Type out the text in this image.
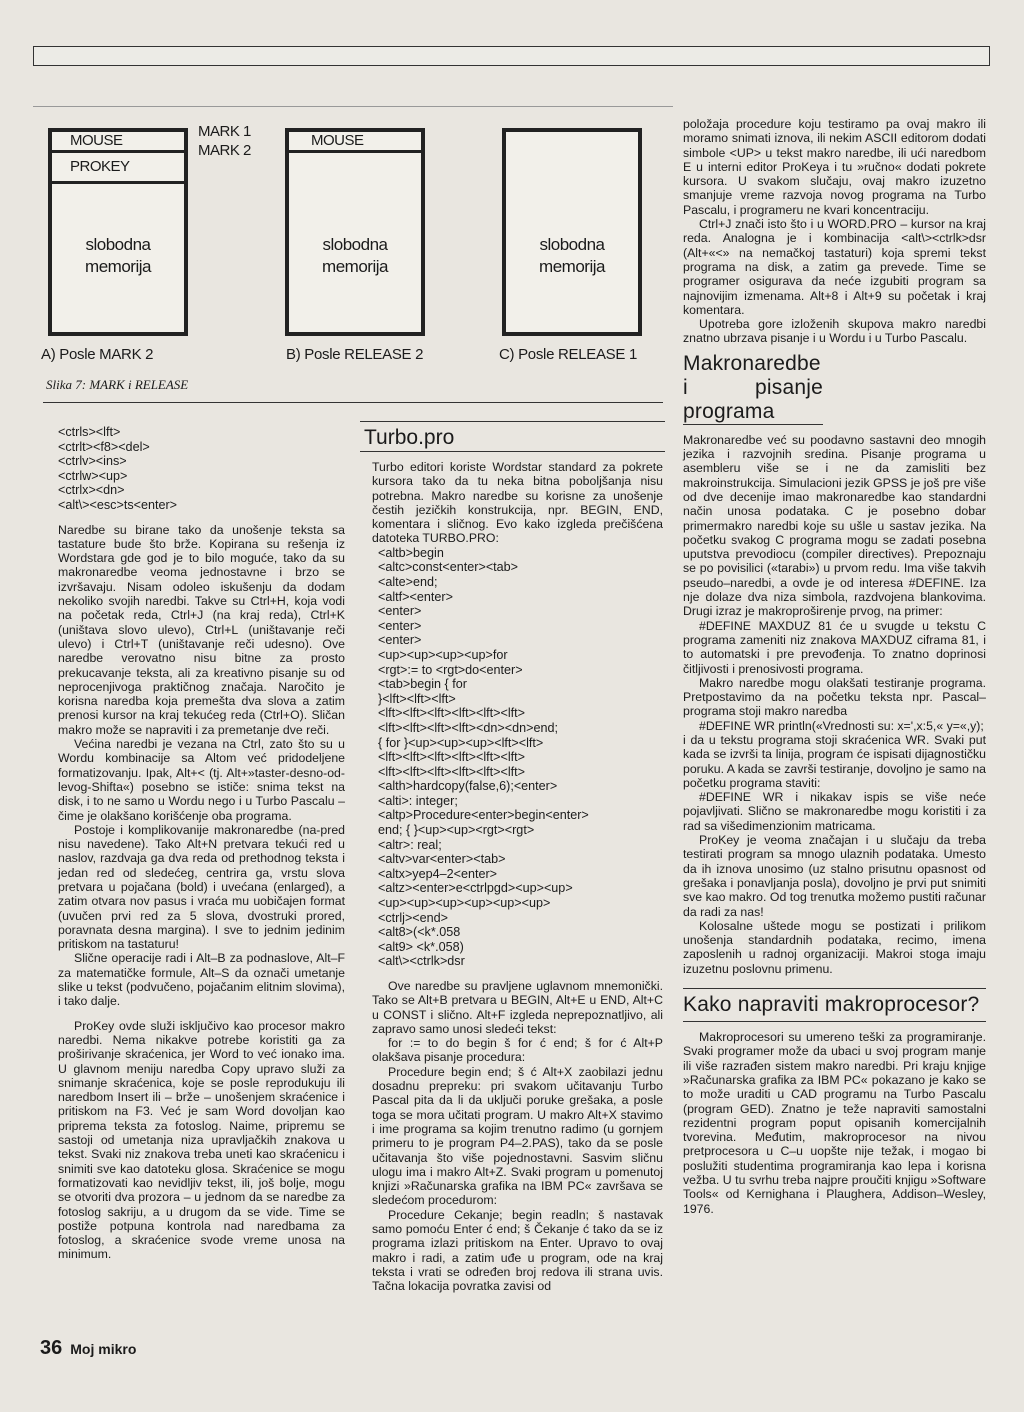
MOUSE
PROKEY
slobodna
memorija
MARK 1
MARK 2
MOUSE
slobodna
memorija
slobodna
memorija
A) Posle MARK 2	B) Posle RELEASE 2	C) Posle RELEASE 1
Slika 7: MARK i RELEASE
<ctrls><lft>
<ctrlt><f8><del>
<ctrlv><ins>
<ctrlw><up>
<ctrlx><dn>
<alt\><esc>ts<enter>

Naredbe su birane tako da unošenje teksta sa tastature bude što brže. Kopirana su rešenja iz Wordstara gde god je to bilo moguće, tako da su makronaredbe veoma jednostavne i brzo se izvršavaju. Nisam odoleo iskušenju da dodam nekoliko svojih naredbi. Takve su Ctrl+H, koja vodi na početak reda, Ctrl+J (na kraj reda), Ctrl+K (uništava slovo ulevo), Ctrl+L (uništavanje reči ulevo) i Ctrl+T (uništavanje reči udesno). Ove naredbe verovatno nisu bitne za prosto prekucavanje teksta, ali za kreativno pisanje su od neprocenjivoga praktičnog značaja. Naročito je korisna naredba koja premešta dva slova a zatim prenosi kursor na kraj tekućeg reda (Ctrl+O). Sličan makro može se napraviti i za premetanje dve reči.

Većina naredbi je vezana na Ctrl, zato što su u Wordu kombinacije sa Altom već pridodeljene formatizovanju. Ipak, Alt+< (tj. Alt+»taster-desno-od-levog-Shifta«) posebno se ističe: snima tekst na disk, i to ne samo u Wordu nego i u Turbo Pascalu – čime je olakšano korišćenje oba programa.

Postoje i komplikovanije makronaredbe (na-pred nisu navedene). Tako Alt+N pretvara tekući red u naslov, razdvaja ga dva reda od prethodnog teksta i jedan red od sledećeg, centrira ga, vrstu slova pretvara u pojačana (bold) i uvećana (enlarged), a zatim otvara nov pasus i vraća mu uobičajen format (uvučen prvi red za 5 slova, dvostruki prored, poravnata desna margina). I sve to jednim jedinim pritiskom na tastaturu!

Slične operacije radi i Alt–B za podnaslove, Alt–F za matematičke formule, Alt–S da označi umetanje slike u tekst (podvučeno, pojačanim elitnim slovima), i tako dalje.

ProKey ovde služi isključivo kao procesor makro naredbi. Nema nikakve potrebe koristiti ga za proširivanje skraćenica, jer Word to već ionako ima. U glavnom meniju naredba Copy upravo služi za snimanje skraćenica, koje se posle reprodukuju ili naredbom Insert ili – brže – unošenjem skraćenice i pritiskom na F3. Već je sam Word dovoljan kao priprema teksta za fotoslog. Naime, pripremu se sastoji od umetanja niza upravljačkih znakova u tekst. Svaki niz znakova treba uneti kao skraćenicu i snimiti sve kao datoteku glosa. Skraćenice se mogu formatizovati kao nevidljiv tekst, ili, još bolje, mogu se otvoriti dva prozora – u jednom da se naredbe za fotoslog sakriju, a u drugom da se vide. Time se postiže potpuna kontrola nad naredbama za fotoslog, a skraćenice svode vreme unosa na minimum.

Turbo.pro

Turbo editori koriste Wordstar standard za pokrete kursora tako da tu neka bitna poboljšanja nisu potrebna. Makro naredbe su korisne za unošenje čestih jezičkih konstrukcija, npr. BEGIN, END, komentara i sličnog. Evo kako izgleda prečišćena datoteka TURBO.PRO:

<altb>begin
<altc>const<enter><tab>
<alte>end;
<altf><enter>
<enter>
<enter>
<enter>
<up><up><up><up>for
<rgt>:= to <rgt>do<enter>
<tab>begin { for
}<lft><lft><lft>
<lft><lft><lft><lft><lft><lft>
<lft><lft><lft><lft><dn><dn>end;
{ for }<up><up><up><lft><lft>
<lft><lft><lft><lft><lft><lft>
<lft><lft><lft><lft><lft><lft>
<alth>hardcopy(false,6);<enter>
<alti>: integer;
<altp>Procedure<enter>begin<enter>
end; { }<up><up><rgt><rgt>
<altr>: real;
<altv>var<enter><tab>
<altx>yep4–2<enter>
<altz><enter>e<ctrlpgd><up><up>
<up><up><up><up><up><up>
<ctrlj><end>
<alt8>(<k*.058
<alt9> <k*.058)
<alt\><ctrlk>dsr

Ove naredbe su pravljene uglavnom mnemonički. Tako se Alt+B pretvara u BEGIN, Alt+E u END, Alt+C u CONST i slično. Alt+F izgleda neprepoznatljivo, ali zapravo samo unosi sledeći tekst:

for := to do begin š for ć end; š for ć Alt+P olakšava pisanje procedura:

Procedure begin end; š ć Alt+X zaobilazi jednu dosadnu prepreku: pri svakom učitavanju Turbo Pascal pita da li da uključi poruke grešaka, a posle toga se mora učitati program. U makro Alt+X stavimo i ime programa sa kojim trenutno radimo (u gornjem primeru to je program P4–2.PAS), tako da se posle učitavanja što više pojednostavni. Sasvim sličnu ulogu ima i makro Alt+Z. Svaki program u pomenutoj knjizi »Računarska grafika na IBM PC« završava se sledećom procedurom:

Procedure Cekanje; begin readln; š nastavak samo pomoću Enter ć end; š Čekanje ć tako da se iz programa izlazi pritiskom na Enter. Upravo to ovaj makro i radi, a zatim uđe u program, ode na kraj teksta i vrati se određen broj redova ili strana uvis. Tačna lokacija povratka zavisi od

položaja procedure koju testiramo pa ovaj makro ili moramo snimati iznova, ili nekim ASCII editorom dodati simbole <UP> u tekst makro naredbe, ili ući naredbom E u interni editor ProKeya i tu »ručno« dodati pokrete kursora. U svakom slučaju, ovaj makro izuzetno smanjuje vreme razvoja novog programa na Turbo Pascalu, i programeru ne kvari koncentraciju.

Ctrl+J znači isto što i u WORD.PRO – kursor na kraj reda. Analogna je i kombinacija <alt\><ctrlk>dsr (Alt+«<» na nemačkoj tastaturi) koja spremi tekst programa na disk, a zatim ga prevede. Time se programer osigurava da neće izgubiti program sa najnovijim izmenama. Alt+8 i Alt+9 su početak i kraj komentara.

Upotreba gore izloženih skupova makro naredbi znatno ubrzava pisanje i u Wordu i u Turbo Pascalu.

Makronaredbe i pisanje programa

Makronaredbe već su poodavno sastavni deo mnogih jezika i razvojnih sredina. Pisanje programa u asembleru više se i ne da zamisliti bez makroinstrukcija. Simulacioni jezik GPSS je još pre više od dve decenije imao makronaredbe kao standardni način unosa podataka. C je posebno dobar primermakro naredbi koje su ušle u sastav jezika. Na početku svakog C programa mogu se zadati posebna uputstva prevodiocu (compiler directives). Prepoznaju se po povisilici («tarabi») u prvom redu. Ima više takvih pseudo–naredbi, a ovde je od interesa #DEFINE. Iza nje dolaze dva niza simbola, razdvojena blankovima. Drugi izraz je makroproširenje prvog, na primer:

#DEFINE MAXDUZ 81 će u svugde u tekstu C programa zameniti niz znakova MAXDUZ ciframa 81, i to automatski i pre prevođenja. To znatno doprinosi čitljivosti i prenosivosti programa.

Makro naredbe mogu olakšati testiranje programa. Pretpostavimo da na početku teksta npr. Pascal–programa stoji makro naredba

#DEFINE WR println(«Vrednosti su: x=',x:5,« y=«,y);

i da u tekstu programa stoji skraćenica WR. Svaki put kada se izvrši ta linija, program će ispisati dijagnostičku poruku. A kada se završi testiranje, dovoljno je samo na početku programa staviti:

#DEFINE WR i nikakav ispis se više neće pojavljivati. Slično se makronaredbe mogu koristiti i za rad sa višedimenzionim matricama.

ProKey je veoma značajan i u slučaju da treba testirati program sa mnogo ulaznih podataka. Umesto da ih iznova unosimo (uz stalno prisutnu opasnost od grešaka i ponavljanja posla), dovoljno je prvi put snimiti sve kao makro. Od tog trenutka možemo pustiti računar da radi za nas!

Kolosalne uštede mogu se postizati i prilikom unošenja standardnih podataka, recimo, imena zaposlenih u radnoj organizaciji. Makroi stoga imaju izuzetnu poslovnu primenu.

Kako napraviti makroprocesor?

Makroprocesori su umereno teški za programiranje. Svaki programer može da ubaci u svoj program manje ili više razrađen sistem makro naredbi. Pri kraju knjige »Računarska grafika za IBM PC« pokazano je kako se to može uraditi u CAD programu na Turbo Pascalu (program GED). Znatno je teže napraviti samostalni rezidentni program poput opisanih komercijalnih tvorevina. Međutim, makroprocesor na nivou pretprocesora u C–u uopšte nije težak, i mogao bi poslužiti studentima programiranja kao lepa i korisna vežba. U tu svrhu treba najpre proučiti knjigu »Software Tools« od Kernighana i Plaughera, Addison–Wesley, 1976.

36 Moj mikro
